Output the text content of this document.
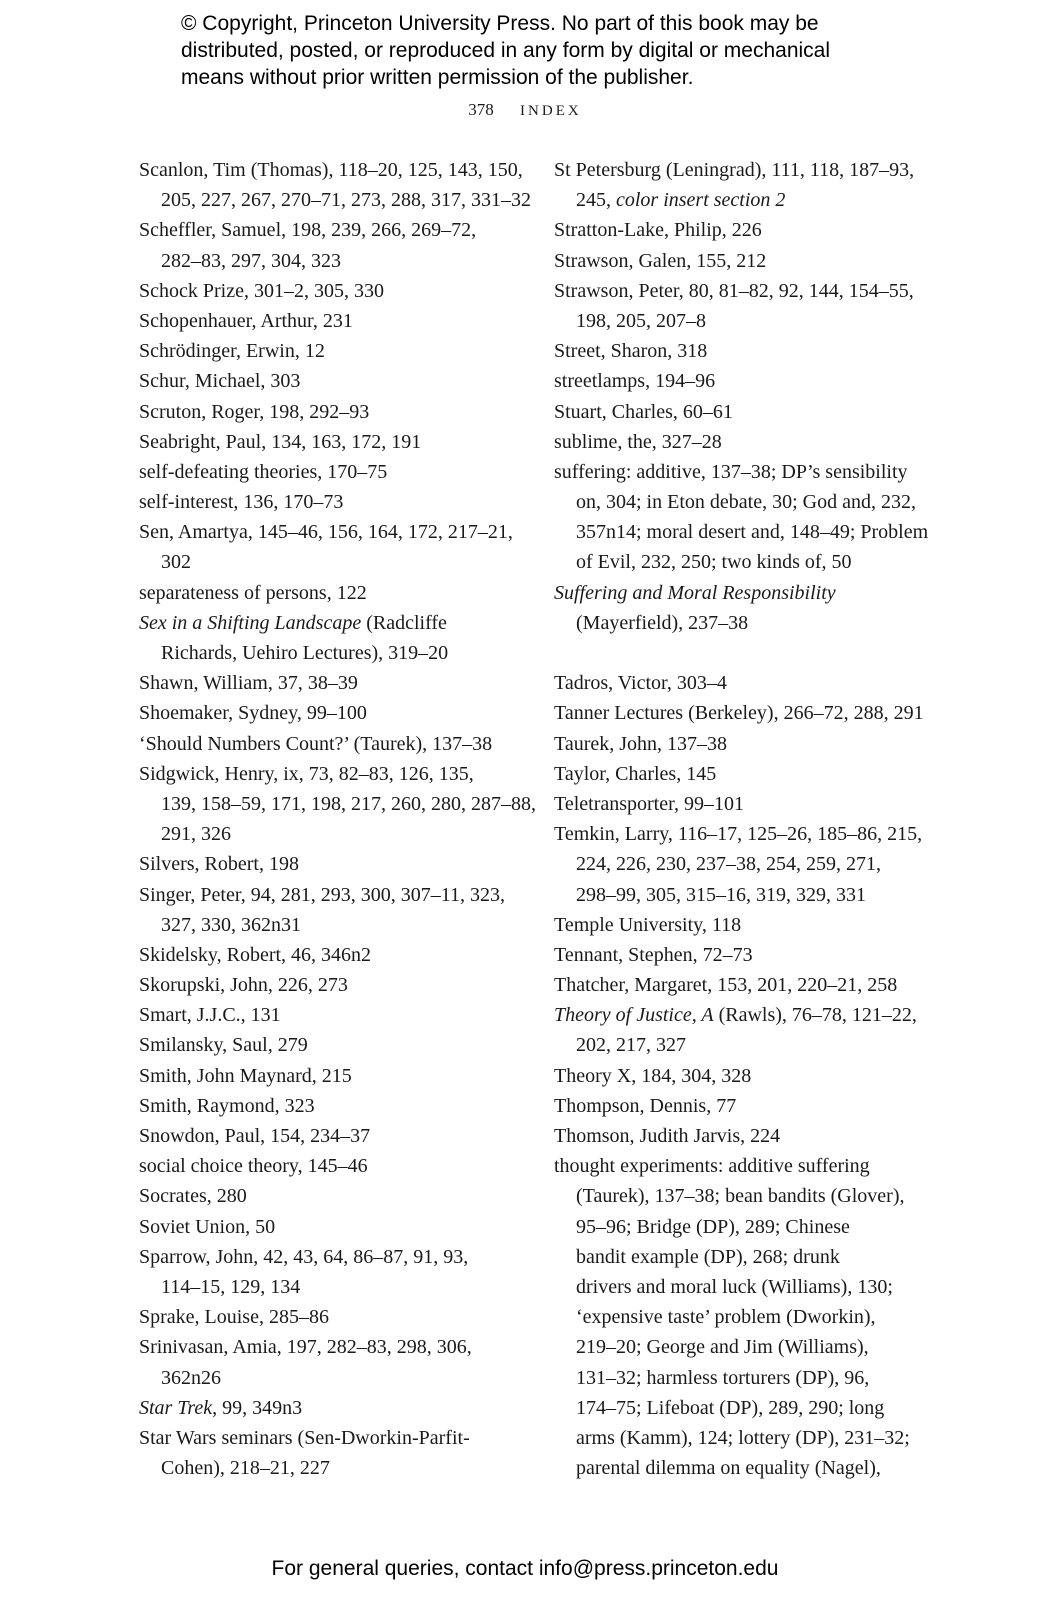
© Copyright, Princeton University Press. No part of this book may be
distributed, posted, or reproduced in any form by digital or mechanical
means without prior written permission of the publisher.
378 INDEX
Scanlon, Tim (Thomas), 118–20, 125, 143, 150,
205, 227, 267, 270–71, 273, 288, 317, 331–32
Scheffler, Samuel, 198, 239, 266, 269–72,
282–83, 297, 304, 323
Schock Prize, 301–2, 305, 330
Schopenhauer, Arthur, 231
Schrödinger, Erwin, 12
Schur, Michael, 303
Scruton, Roger, 198, 292–93
Seabright, Paul, 134, 163, 172, 191
self-defeating theories, 170–75
self-interest, 136, 170–73
Sen, Amartya, 145–46, 156, 164, 172, 217–21,
302
separateness of persons, 122
Sex in a Shifting Landscape (Radcliffe
Richards, Uehiro Lectures), 319–20
Shawn, William, 37, 38–39
Shoemaker, Sydney, 99–100
‘Should Numbers Count?’ (Taurek), 137–38
Sidgwick, Henry, ix, 73, 82–83, 126, 135,
139, 158–59, 171, 198, 217, 260, 280, 287–88,
291, 326
Silvers, Robert, 198
Singer, Peter, 94, 281, 293, 300, 307–11, 323,
327, 330, 362n31
Skidelsky, Robert, 46, 346n2
Skorupski, John, 226, 273
Smart, J.J.C., 131
Smilansky, Saul, 279
Smith, John Maynard, 215
Smith, Raymond, 323
Snowdon, Paul, 154, 234–37
social choice theory, 145–46
Socrates, 280
Soviet Union, 50
Sparrow, John, 42, 43, 64, 86–87, 91, 93,
114–15, 129, 134
Sprake, Louise, 285–86
Srinivasan, Amia, 197, 282–83, 298, 306,
362n26
Star Trek, 99, 349n3
Star Wars seminars (Sen-Dworkin-Parfit-
Cohen), 218–21, 227
St Petersburg (Leningrad), 111, 118, 187–93,
245, color insert section 2
Stratton-Lake, Philip, 226
Strawson, Galen, 155, 212
Strawson, Peter, 80, 81–82, 92, 144, 154–55,
198, 205, 207–8
Street, Sharon, 318
streetlamps, 194–96
Stuart, Charles, 60–61
sublime, the, 327–28
suffering: additive, 137–38; DP’s sensibility
on, 304; in Eton debate, 30; God and, 232,
357n14; moral desert and, 148–49; Problem
of Evil, 232, 250; two kinds of, 50
Suffering and Moral Responsibility
(Mayerfield), 237–38
Tadros, Victor, 303–4
Tanner Lectures (Berkeley), 266–72, 288, 291
Taurek, John, 137–38
Taylor, Charles, 145
Teletransporter, 99–101
Temkin, Larry, 116–17, 125–26, 185–86, 215,
224, 226, 230, 237–38, 254, 259, 271,
298–99, 305, 315–16, 319, 329, 331
Temple University, 118
Tennant, Stephen, 72–73
Thatcher, Margaret, 153, 201, 220–21, 258
Theory of Justice, A (Rawls), 76–78, 121–22,
202, 217, 327
Theory X, 184, 304, 328
Thompson, Dennis, 77
Thomson, Judith Jarvis, 224
thought experiments: additive suffering
(Taurek), 137–38; bean bandits (Glover),
95–96; Bridge (DP), 289; Chinese
bandit example (DP), 268; drunk
drivers and moral luck (Williams), 130;
‘expensive taste’ problem (Dworkin),
219–20; George and Jim (Williams),
131–32; harmless torturers (DP), 96,
174–75; Lifeboat (DP), 289, 290; long
arms (Kamm), 124; lottery (DP), 231–32;
parental dilemma on equality (Nagel),
For general queries, contact info@press.princeton.edu
